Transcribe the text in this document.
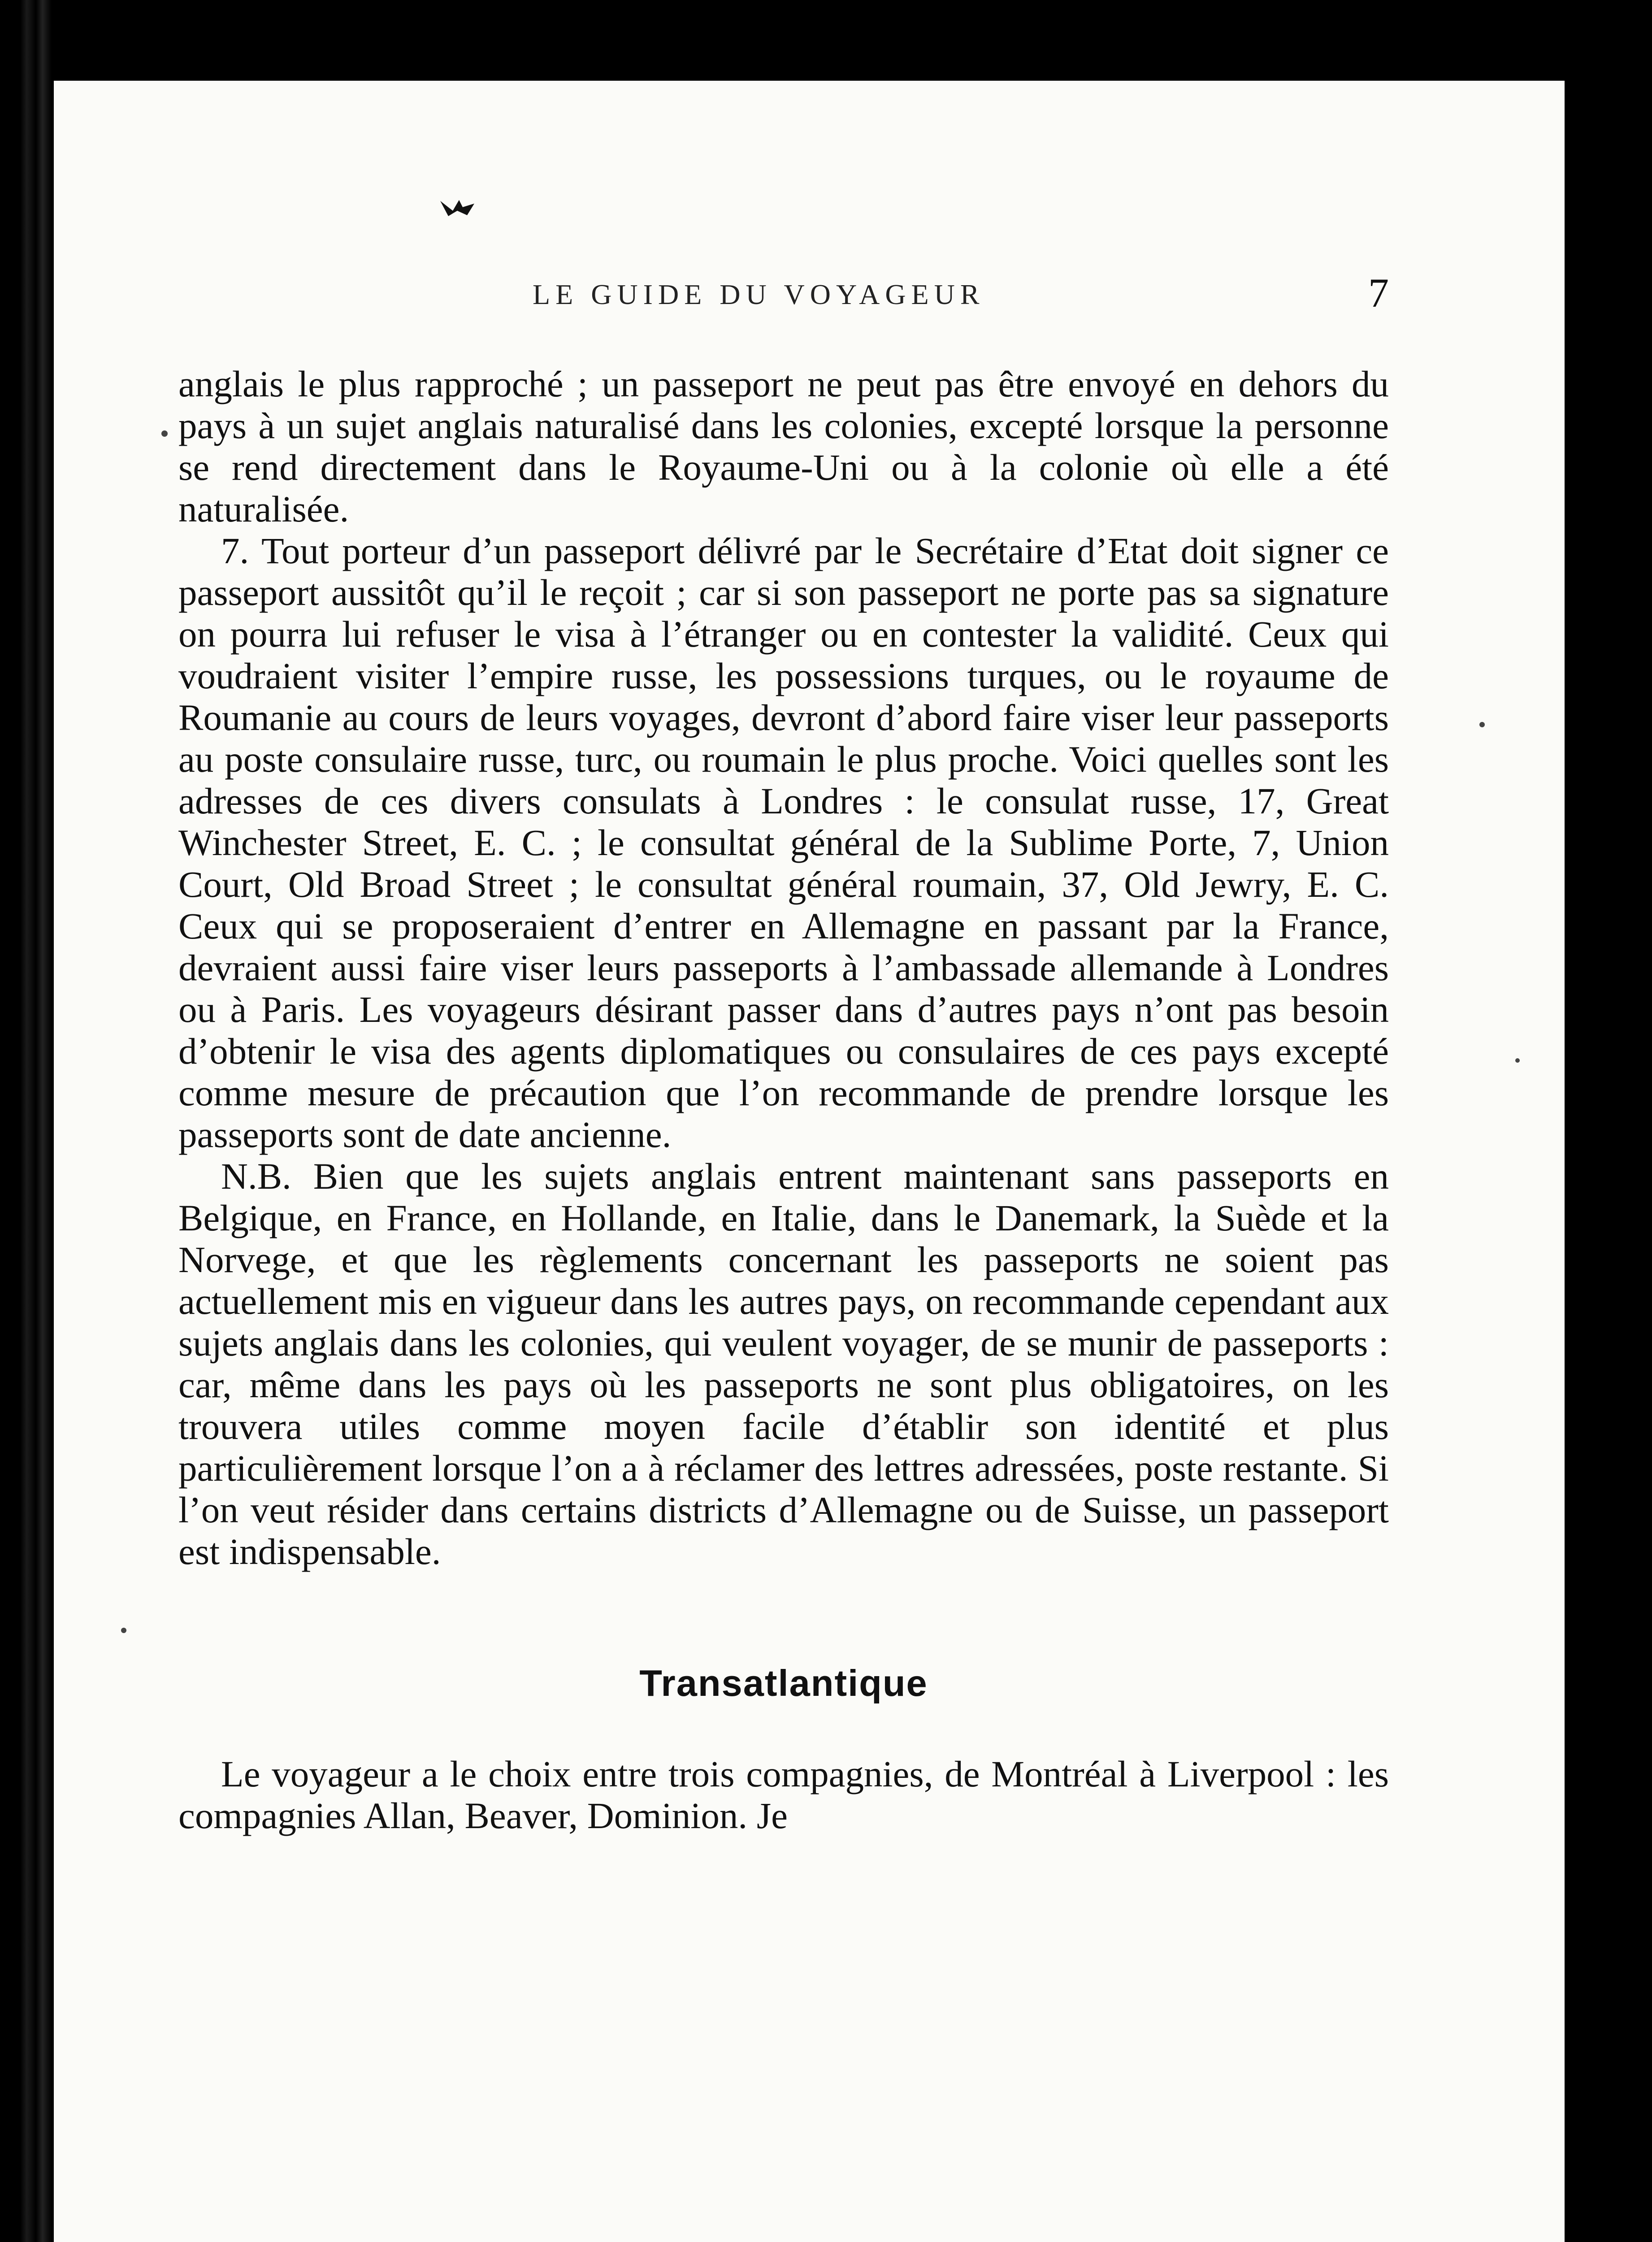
LE GUIDE DU VOYAGEUR	7

anglais le plus rapproché ; un passeport ne peut pas être envoyé en dehors du pays à un sujet anglais naturalisé dans les colonies, excepté lorsque la personne se rend directement dans le Royaume-Uni ou à la colonie où elle a été naturalisée.

7. Tout porteur d’un passeport délivré par le Secrétaire d’Etat doit signer ce passeport aussitôt qu’il le reçoit ; car si son passeport ne porte pas sa signature on pourra lui refuser le visa à l’étranger ou en contester la validité. Ceux qui voudraient visiter l’empire russe, les possessions turques, ou le royaume de Roumanie au cours de leurs voyages, devront d’abord faire viser leur passeports au poste consulaire russe, turc, ou roumain le plus proche. Voici quelles sont les adresses de ces divers consulats à Londres : le consulat russe, 17, Great Winchester Street, E. C. ; le consultat général de la Sublime Porte, 7, Union Court, Old Broad Street ; le consultat général roumain, 37, Old Jewry, E. C. Ceux qui se proposeraient d’entrer en Allemagne en passant par la France, devraient aussi faire viser leurs passeports à l’ambassade allemande à Londres ou à Paris. Les voyageurs désirant passer dans d’autres pays n’ont pas besoin d’obtenir le visa des agents diplomatiques ou consulaires de ces pays excepté comme mesure de précaution que l’on recommande de prendre lorsque les passeports sont de date ancienne.

N.B. Bien que les sujets anglais entrent maintenant sans passeports en Belgique, en France, en Hollande, en Italie, dans le Danemark, la Suède et la Norvege, et que les règlements concernant les passeports ne soient pas actuellement mis en vigueur dans les autres pays, on recommande cependant aux sujets anglais dans les colonies, qui veulent voyager, de se munir de passeports : car, même dans les pays où les passeports ne sont plus obligatoires, on les trouvera utiles comme moyen facile d’établir son identité et plus particulièrement lorsque l’on a à réclamer des lettres adressées, poste restante. Si l’on veut résider dans certains districts d’Allemagne ou de Suisse, un passeport est indispensable.

Transatlantique

Le voyageur a le choix entre trois compagnies, de Montréal à Liverpool : les compagnies Allan, Beaver, Dominion. Je
